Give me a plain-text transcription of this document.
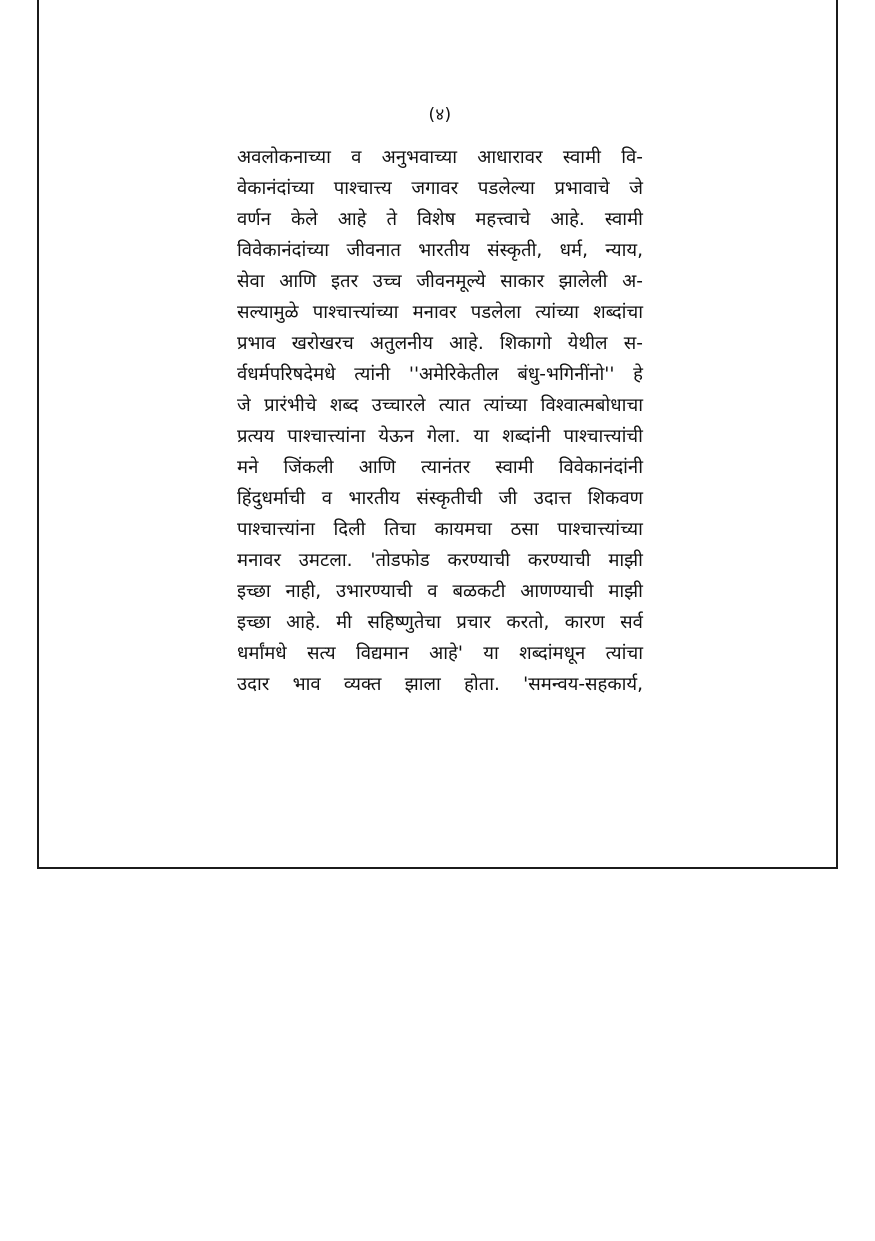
(४)
अवलोकनाच्या व अनुभवाच्या आधारावर स्वामी वि-
वेकानंदांच्या पाश्चात्त्य जगावर पडलेल्या प्रभावाचे जे
वर्णन केले आहे ते विशेष महत्त्वाचे आहे. स्वामी
विवेकानंदांच्या जीवनात भारतीय संस्कृती, धर्म, न्याय,
सेवा आणि इतर उच्च जीवनमूल्ये साकार झालेली अ-
सल्यामुळे पाश्चात्त्यांच्या मनावर पडलेला त्यांच्या शब्दांचा
प्रभाव खरोखरच अतुलनीय आहे. शिकागो येथील स-
र्वधर्मपरिषदेमधे त्यांनी ''अमेरिकेतील बंधु-भगिनींनो'' हे
जे प्रारंभीचे शब्द उच्चारले त्यात त्यांच्या विश्वात्मबोधाचा
प्रत्यय पाश्चात्त्यांना येऊन गेला. या शब्दांनी पाश्चात्त्यांची
मने जिंकली आणि त्यानंतर स्वामी विवेकानंदांनी
हिंदुधर्माची व भारतीय संस्कृतीची जी उदात्त शिकवण
पाश्चात्त्यांना दिली तिचा कायमचा ठसा पाश्चात्त्यांच्या
मनावर उमटला. 'तोडफोड करण्याची करण्याची माझी
इच्छा नाही, उभारण्याची व बळकटी आणण्याची माझी
इच्छा आहे. मी सहिष्णुतेचा प्रचार करतो, कारण सर्व
धर्मांमधे सत्य विद्यमान आहे' या शब्दांमधून त्यांचा
उदार भाव व्यक्त झाला होता. 'समन्वय-सहकार्य,
